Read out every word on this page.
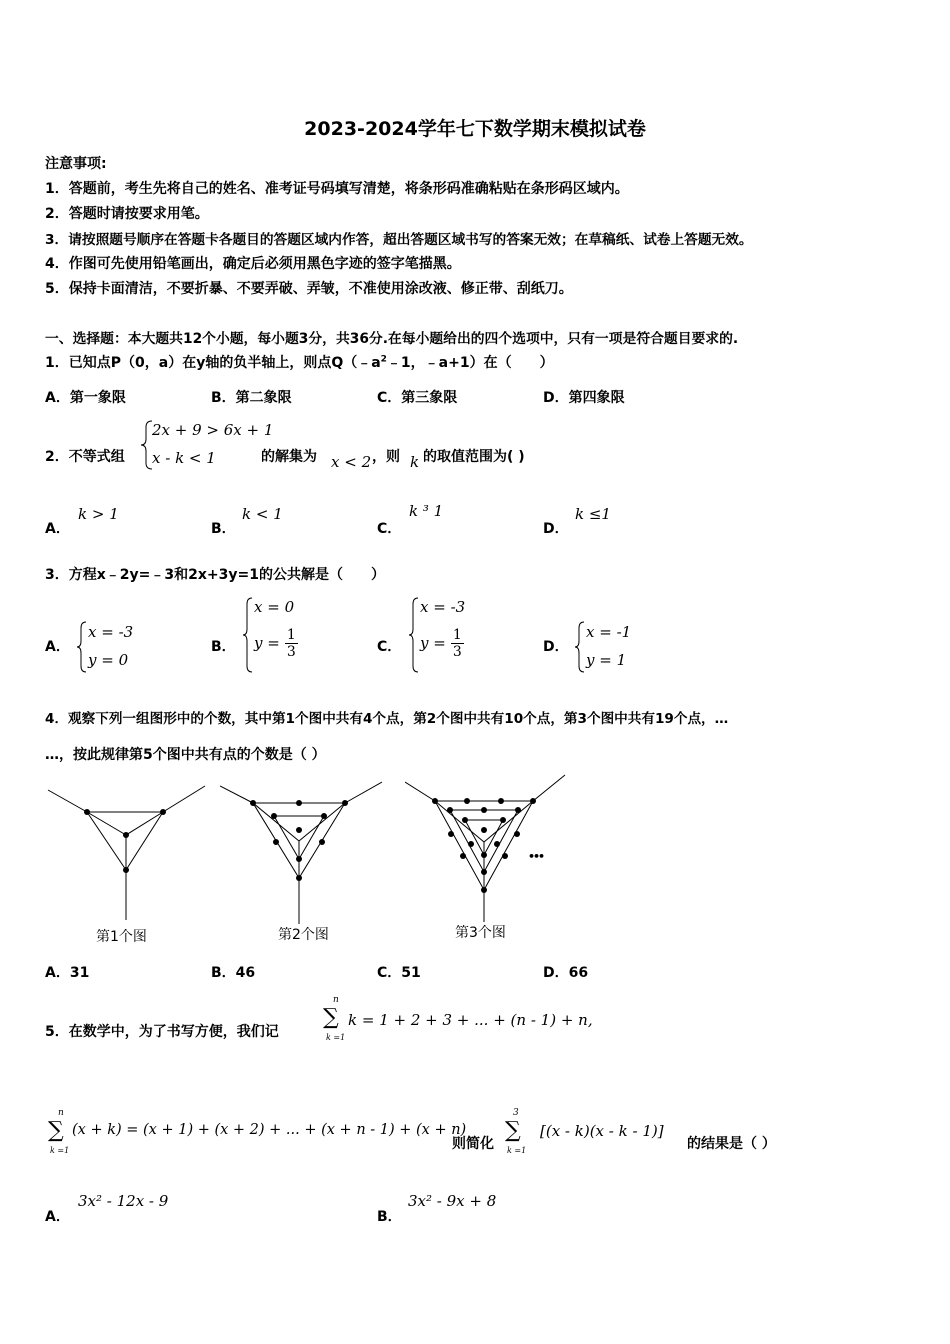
2023-2024学年七下数学期末模拟试卷
注意事项:
1．答题前，考生先将自己的姓名、准考证号码填写清楚，将条形码准确粘贴在条形码区域内。
2．答题时请按要求用笔。
3．请按照题号顺序在答题卡各题目的答题区域内作答，超出答题区域书写的答案无效；在草稿纸、试卷上答题无效。
4．作图可先使用铅笔画出，确定后必须用黑色字迹的签字笔描黑。
5．保持卡面清洁，不要折暴、不要弄破、弄皱，不准使用涂改液、修正带、刮纸刀。
一、选择题：本大题共12个小题，每小题3分，共36分.在每小题给出的四个选项中，只有一项是符合题目要求的.
1．已知点P（0，a）在y轴的负半轴上，则点$Q(﹣a^2﹣1$，﹣a+1）在（　　）
A．第一象限	B．第二象限	C．第三象限	D．第四象限
2．不等式组
2x + 9 > 6x + 1
x - k < 1	的解集为 x < 2 ，则 k 的取值范围为( )
A．
k > 1
B．
k < 1
C．
k ³ 1
D．
k ≤1
3．方程x﹣2y=﹣3和2x+3y=1的公共解是（　　）
A．
x = -3
y = 0
B．
x = 0
$y = \frac{1}{3}$	C．
x = -3
$y = \frac{1}{3}$	D．
x = -1
y = 1
4．观察下列一组图形中的个数，其中第1个图中共有4个点，第2个图中共有10个点，第3个图中共有19个点，…
…，按此规律第5个图中共有点的个数是（ ）
第1个图	第2个图	第3个图
•••
A．31	B．46	C．51	D．66
5．在数学中，为了书写方便，我们记
n
∑
k =1
k = 1 + 2 + 3 + ... + (n - 1) + n,
n
∑
k =1
(x + k) = (x + 1) + (x + 2) + ... + (x + n - 1) + (x + n)
则简化
3
∑
k =1
[(x - k)(x - k - 1)]
的结果是（ ）
A．
3x² - 12x - 9
B．
3x² - 9x + 8
